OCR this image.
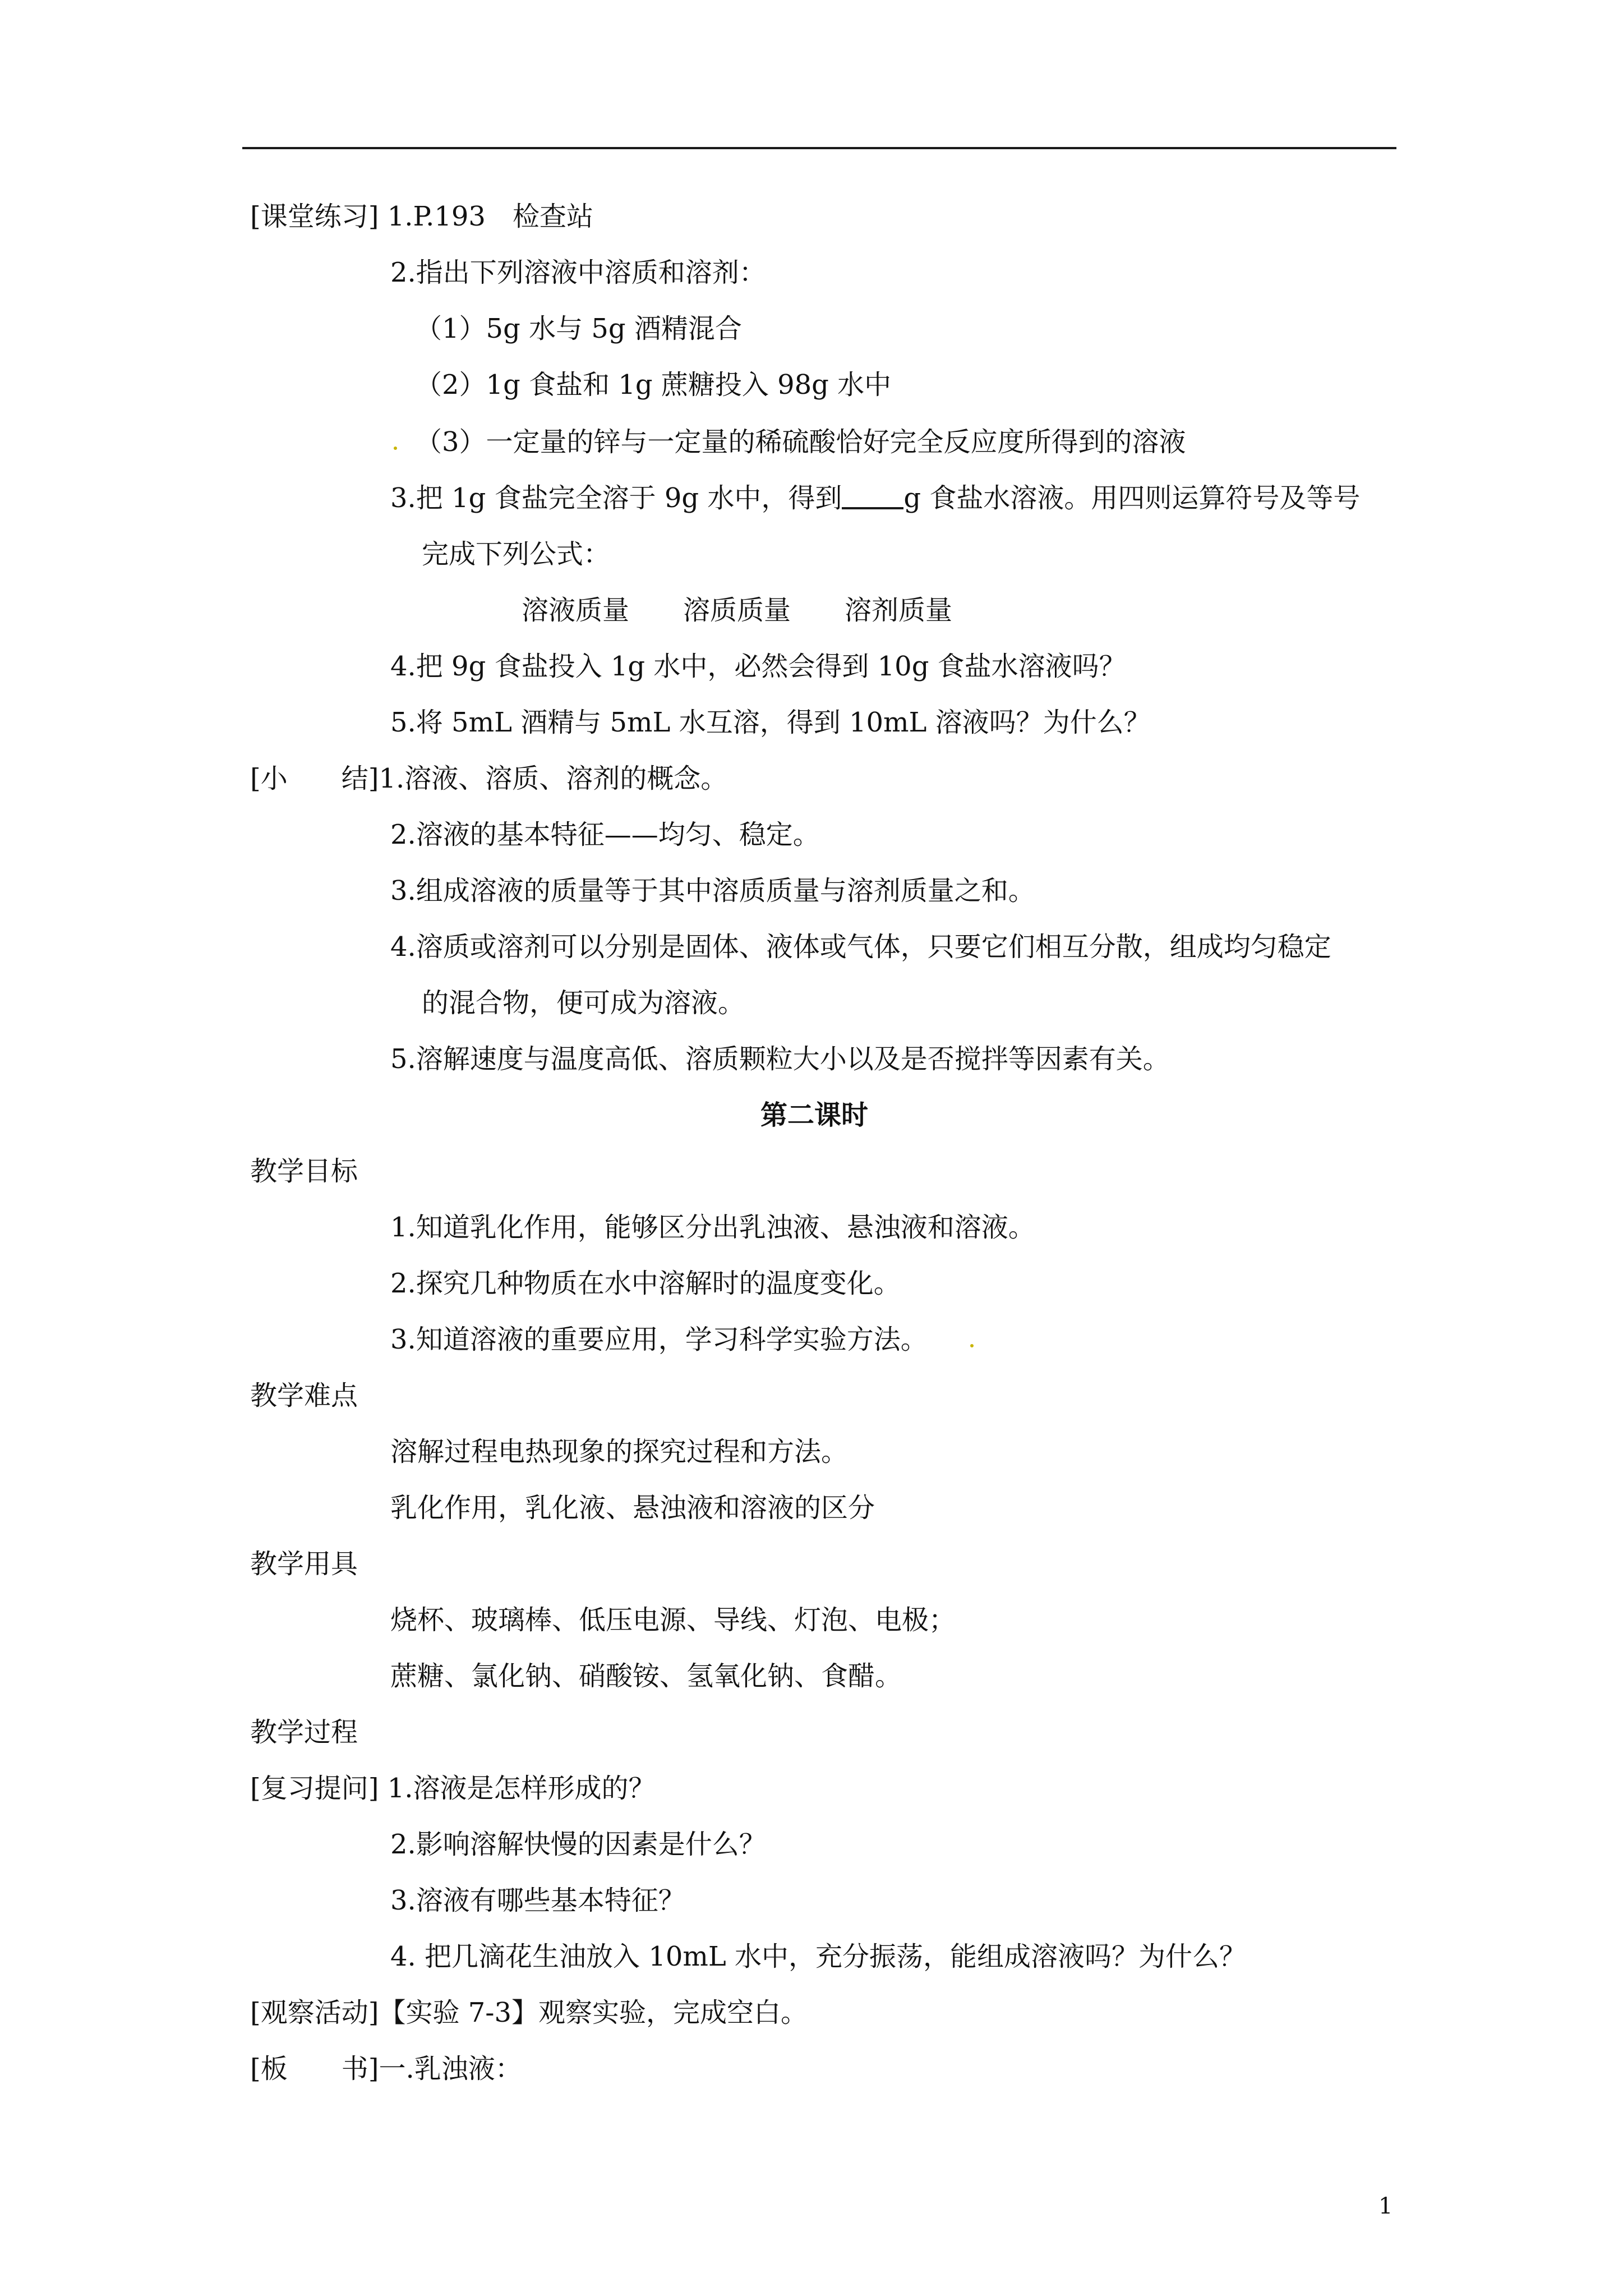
[课堂练习] 1.P.193　检查站
2.指出下列溶液中溶质和溶剂：
（1）5g 水与 5g 酒精混合
（2）1g 食盐和 1g 蔗糖投入 98g 水中
（3）一定量的锌与一定量的稀硫酸恰好完全反应度所得到的溶液
3.把 1g 食盐完全溶于 9g 水中，得到 g 食盐水溶液。用四则运算符号及等号
完成下列公式：
溶液质量　　溶质质量　　溶剂质量
4.把 9g 食盐投入 1g 水中，必然会得到 10g 食盐水溶液吗？
5.将 5mL 酒精与 5mL 水互溶，得到 10mL 溶液吗？为什么？
[小　　结]1.溶液、溶质、溶剂的概念。
2.溶液的基本特征——均匀、稳定。
3.组成溶液的质量等于其中溶质质量与溶剂质量之和。
4.溶质或溶剂可以分别是固体、液体或气体，只要它们相互分散，组成均匀稳定
的混合物，便可成为溶液。
5.溶解速度与温度高低、溶质颗粒大小以及是否搅拌等因素有关。
第二课时
教学目标
1.知道乳化作用，能够区分出乳浊液、悬浊液和溶液。
2.探究几种物质在水中溶解时的温度变化。
3.知道溶液的重要应用，学习科学实验方法。
教学难点
溶解过程电热现象的探究过程和方法。
乳化作用，乳化液、悬浊液和溶液的区分
教学用具
烧杯、玻璃棒、低压电源、导线、灯泡、电极；
蔗糖、氯化钠、硝酸铵、氢氧化钠、食醋。
教学过程
[复习提问] 1.溶液是怎样形成的？
2.影响溶解快慢的因素是什么？
3.溶液有哪些基本特征？
4. 把几滴花生油放入 10mL 水中，充分振荡，能组成溶液吗？为什么？
[观察活动]【实验 7-3】观察实验，完成空白。
[板　　书]一.乳浊液：
1
